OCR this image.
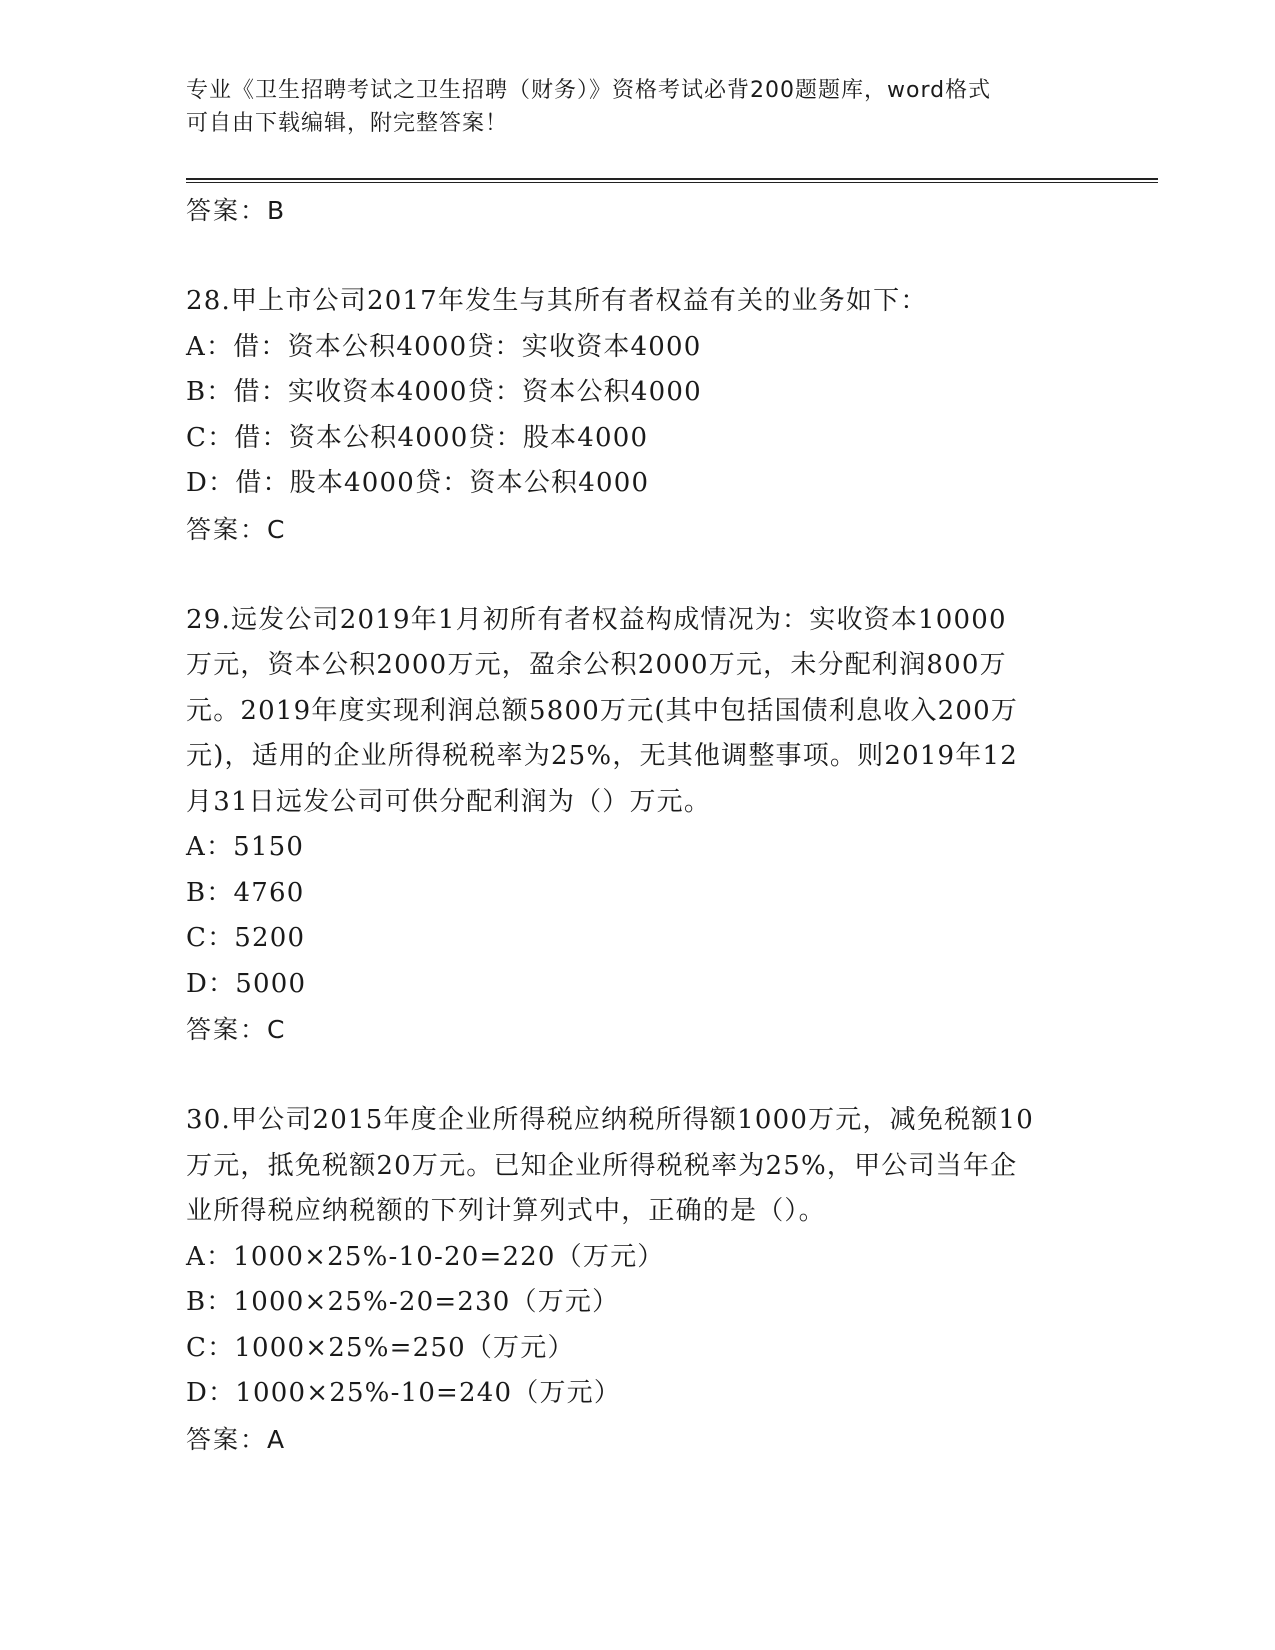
专业《卫生招聘考试之卫生招聘（财务）》资格考试必背200题题库，word格式
可自由下载编辑，附完整答案！
答案：B
28.甲上市公司2017年发生与其所有者权益有关的业务如下：
A：借：资本公积4000贷：实收资本4000
B：借：实收资本4000贷：资本公积4000
C：借：资本公积4000贷：股本4000
D：借：股本4000贷：资本公积4000
答案：C
29.远发公司2019年1月初所有者权益构成情况为：实收资本10000
万元，资本公积2000万元，盈余公积2000万元，未分配利润800万
元。2019年度实现利润总额5800万元(其中包括国债利息收入200万
元)，适用的企业所得税税率为25%，无其他调整事项。则2019年12
月31日远发公司可供分配利润为（）万元。
A：5150
B：4760
C：5200
D：5000
答案：C
30.甲公司2015年度企业所得税应纳税所得额1000万元，减免税额10
万元，抵免税额20万元。已知企业所得税税率为25%，甲公司当年企
业所得税应纳税额的下列计算列式中，正确的是（）。
A：1000×25%-10-20=220（万元）
B：1000×25%-20=230（万元）
C：1000×25%=250（万元）
D：1000×25%-10=240（万元）
答案：A
